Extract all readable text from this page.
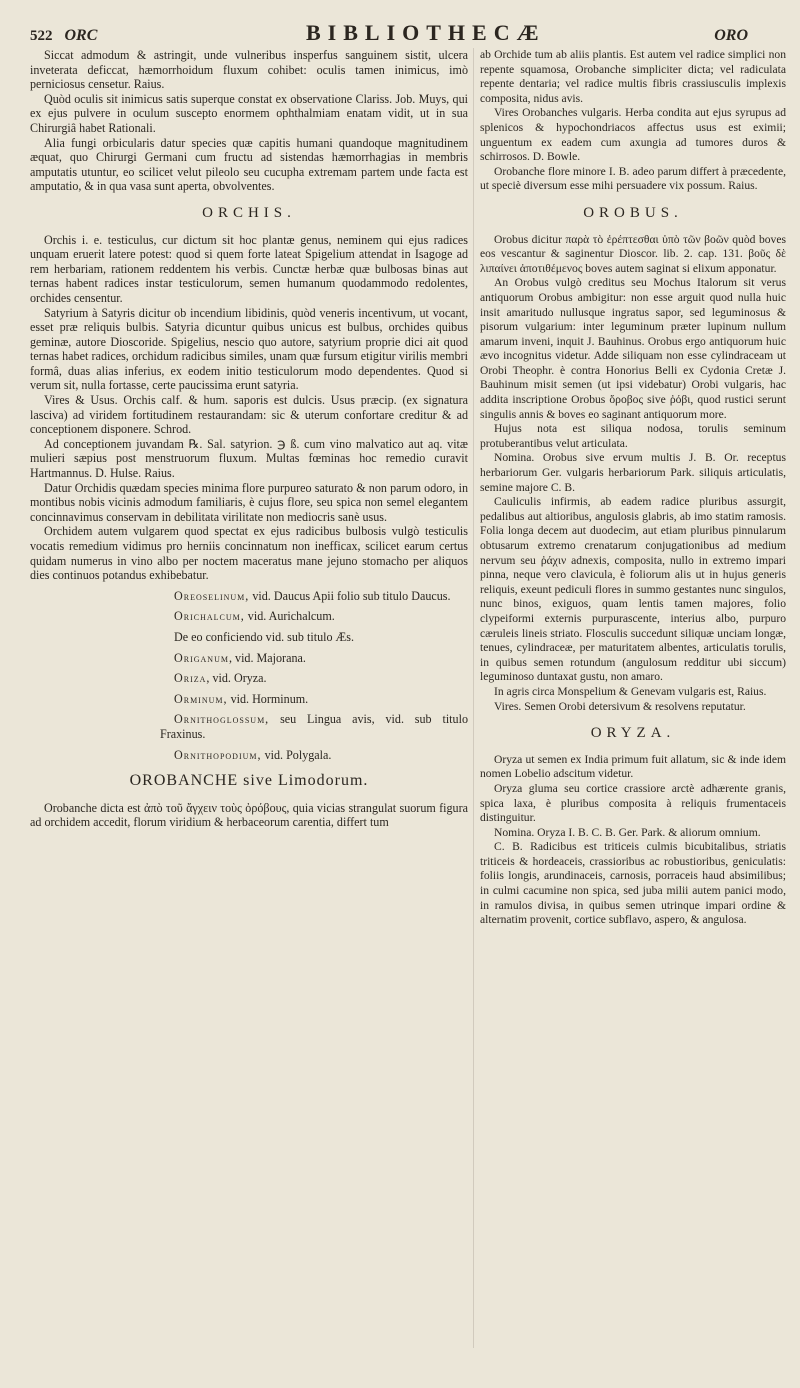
522 ORC	BIBLIOTHECÆ	ORO

Siccat admodum & astringit, unde vulneribus insperfus sanguinem sistit, ulcera inveterata deficcat, hæmorrhoidum fluxum cohibet: oculis tamen inimicus, imò perniciosus censetur. Raius.

Quòd oculis sit inimicus satis superque constat ex observatione Clariss. Job. Muys, qui ex ejus pulvere in oculum suscepto enormem ophthalmiam enatam vidit, ut in sua Chirurgiâ habet Rationali.

Alia fungi orbicularis datur species quæ capitis humani quandoque magnitudinem æquat, quo Chirurgi Germani cum fructu ad sistendas hæmorrhagias in membris amputatis utuntur, eo scilicet velut pileolo seu cucupha extremam partem unde facta est amputatio, & in qua vasa sunt aperta, obvolventes.

ORCHIS.

Orchis i. e. testiculus, cur dictum sit hoc plantæ genus, neminem qui ejus radices unquam eruerit latere potest: quod si quem forte lateat Spigelium attendat in Isagoge ad rem herbariam, rationem reddentem his verbis. Cunctæ herbæ quæ bulbosas binas aut ternas habent radices instar testiculorum, semen humanum quodammodo redolentes, orchides censentur.

Satyrium à Satyris dicitur ob incendium libidinis, quòd veneris incentivum, ut vocant, esset præ reliquis bulbis. Satyria dicuntur quibus unicus est bulbus, orchides quibus geminæ, autore Dioscoride. Spigelius, nescio quo autore, satyrium proprie dici ait quod ternas habet radices, orchidum radicibus similes, unam quæ fursum etigitur virilis membri formâ, duas alias inferius, ex eodem initio testiculorum modo dependentes. Quod si verum sit, nulla fortasse, certe paucissima erunt satyria.

Vires & Usus. Orchis calf. & hum. saporis est dulcis. Usus præcip. (ex signatura lasciva) ad viridem fortitudinem restaurandam: sic & uterum confortare creditur & ad conceptionem disponere. Schrod.

Ad conceptionem juvandam ℞. Sal. satyrion. ℈ ß. cum vino malvatico aut aq. vitæ mulieri sæpius post menstruorum fluxum. Multas fœminas hoc remedio curavit Hartmannus. D. Hulse. Raius.

Datur Orchidis quædam species minima flore purpureo saturato & non parum odoro, in montibus nobis vicinis admodum familiaris, è cujus flore, seu spica non semel elegantem concinnavimus conservam in debilitata virilitate non mediocris sanè usus.

Orchidem autem vulgarem quod spectat ex ejus radicibus bulbosis vulgò testiculis vocatis remedium vidimus pro herniis concinnatum non inefficax, scilicet earum certus quidam numerus in vino albo per noctem maceratus mane jejuno stomacho per aliquos dies continuos potandus exhibebatur.

Oreoselinum, vid. Daucus Apii folio sub titulo Daucus.

Orichalcum, vid. Aurichalcum.

De eo conficiendo vid. sub titulo Æs.

Origanum, vid. Majorana.

Oriza, vid. Oryza.

Orminum, vid. Horminum.

Ornithoglossum, seu Lingua avis, vid. sub titulo Fraxinus.

Ornithopodium, vid. Polygala.

OROBANCHE sive Limodorum.

Orobanche dicta est ἀπὸ τοῦ ἄγχειν τοὺς ὀρόβους, quia vicias strangulat suorum figura ad orchidem accedit, florum viridium & herbaceorum carentia, differt tum

ab Orchide tum ab aliis plantis. Est autem vel radice simplici non repente squamosa, Orobanche simpliciter dicta; vel radiculata repente dentaria; vel radice multis fibris crassiusculis implexis composita, nidus avis.

Vires Orobanches vulgaris. Herba condita aut ejus syrupus ad splenicos & hypochondriacos affectus usus est eximii; unguentum ex eadem cum axungia ad tumores duros & schirrosos. D. Bowle.

Orobanche flore minore I. B. adeo parum differt à præcedente, ut speciè diversum esse mihi persuadere vix possum. Raius.

OROBUS.

Orobus dicitur παρὰ τὸ ἐρέπτεσθαι ὑπὸ τῶν βοῶν quòd boves eos vescantur & saginentur Dioscor. lib. 2. cap. 131. βοῦς δὲ λιπαίνει ἀποτιθέμενος boves autem saginat si elixum apponatur.

An Orobus vulgò creditus seu Mochus Italorum sit verus antiquorum Orobus ambigitur: non esse arguit quod nulla huic insit amaritudo nullusque ingratus sapor, sed leguminosus & pisorum vulgarium: inter leguminum præter lupinum nullum amarum inveni, inquit J. Bauhinus. Orobus ergo antiquorum huic ævo incognitus videtur. Adde siliquam non esse cylindraceam ut Orobi Theophr. è contra Honorius Belli ex Cydonia Cretæ J. Bauhinum misit semen (ut ipsi videbatur) Orobi vulgaris, hac addita inscriptione Orobus ὄροβος sive ῥόβι, quod rustici serunt singulis annis & boves eo saginant antiquorum more.

Hujus nota est siliqua nodosa, torulis seminum protuberantibus velut articulata.

Nomina. Orobus sive ervum multis J. B. Or. receptus herbariorum Ger. vulgaris herbariorum Park. siliquis articulatis, semine majore C. B.

Cauliculis infirmis, ab eadem radice pluribus assurgit, pedalibus aut altioribus, angulosis glabris, ab imo statim ramosis. Folia longa decem aut duodecim, aut etiam pluribus pinnularum obtusarum extremo crenatarum conjugationibus ad medium nervum seu ῥάχιν adnexis, composita, nullo in extremo impari pinna, neque vero clavicula, è foliorum alis ut in hujus generis reliquis, exeunt pediculi flores in summo gestantes nunc singulos, nunc binos, exiguos, quam lentis tamen majores, folio clypeiformi externis purpurascente, interius albo, purpuro cæruleis lineis striato. Flosculis succedunt siliquæ unciam longæ, tenues, cylindraceæ, per maturitatem albentes, articulatis torulis, in quibus semen rotundum (angulosum redditur ubi siccum) leguminoso duntaxat gustu, non amaro.

In agris circa Monspelium & Genevam vulgaris est, Raius.

Vires. Semen Orobi detersivum & resolvens reputatur.

ORYZA.

Oryza ut semen ex India primum fuit allatum, sic & inde idem nomen Lobelio adscitum videtur.

Oryza gluma seu cortice crassiore arctè adhærente granis, spica laxa, è pluribus composita à reliquis frumentaceis distinguitur.

Nomina. Oryza I. B. C. B. Ger. Park. & aliorum omnium.

C. B. Radicibus est triticeis culmis bicubitalibus, striatis triticeis & hordeaceis, crassioribus ac robustioribus, geniculatis: foliis longis, arundinaceis, carnosis, porraceis haud absimilibus; in culmi cacumine non spica, sed juba milii autem panici modo, in ramulos divisa, in quibus semen utrinque impari ordine & alternatim provenit, cortice subflavo, aspero, & angulosa.
